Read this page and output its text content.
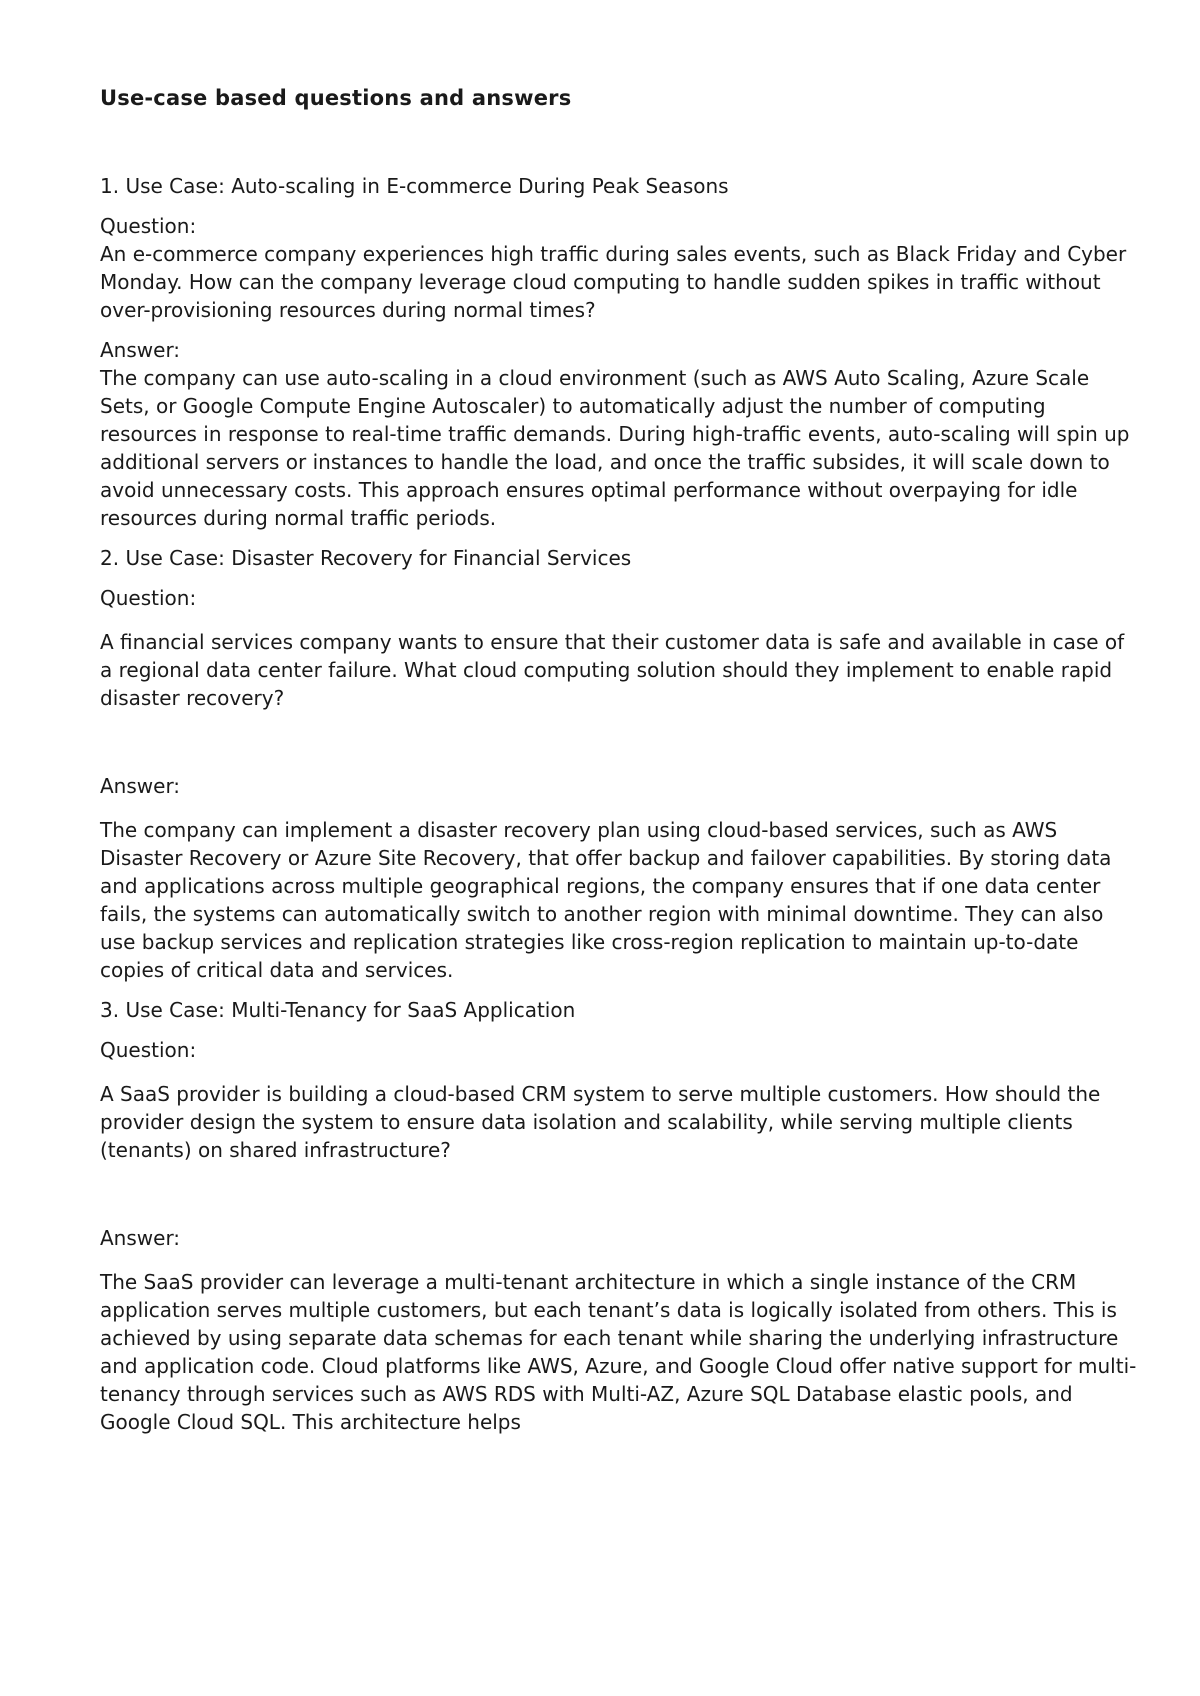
Use-case based questions and answers
1. Use Case: Auto-scaling in E-commerce During Peak Seasons
Question:
An e-commerce company experiences high traffic during sales events, such as Black Friday and Cyber Monday. How can the company leverage cloud computing to handle sudden spikes in traffic without over-provisioning resources during normal times?
Answer:
The company can use auto-scaling in a cloud environment (such as AWS Auto Scaling, Azure Scale Sets, or Google Compute Engine Autoscaler) to automatically adjust the number of computing resources in response to real-time traffic demands. During high-traffic events, auto-scaling will spin up additional servers or instances to handle the load, and once the traffic subsides, it will scale down to avoid unnecessary costs. This approach ensures optimal performance without overpaying for idle resources during normal traffic periods.
2. Use Case: Disaster Recovery for Financial Services
Question:
A financial services company wants to ensure that their customer data is safe and available in case of a regional data center failure. What cloud computing solution should they implement to enable rapid disaster recovery?
Answer:
The company can implement a disaster recovery plan using cloud-based services, such as AWS Disaster Recovery or Azure Site Recovery, that offer backup and failover capabilities. By storing data and applications across multiple geographical regions, the company ensures that if one data center fails, the systems can automatically switch to another region with minimal downtime. They can also use backup services and replication strategies like cross-region replication to maintain up-to-date copies of critical data and services.
3. Use Case: Multi-Tenancy for SaaS Application
Question:
A SaaS provider is building a cloud-based CRM system to serve multiple customers. How should the provider design the system to ensure data isolation and scalability, while serving multiple clients (tenants) on shared infrastructure?
Answer:
The SaaS provider can leverage a multi-tenant architecture in which a single instance of the CRM application serves multiple customers, but each tenant’s data is logically isolated from others. This is achieved by using separate data schemas for each tenant while sharing the underlying infrastructure and application code. Cloud platforms like AWS, Azure, and Google Cloud offer native support for multi-tenancy through services such as AWS RDS with Multi-AZ, Azure SQL Database elastic pools, and Google Cloud SQL. This architecture helps
